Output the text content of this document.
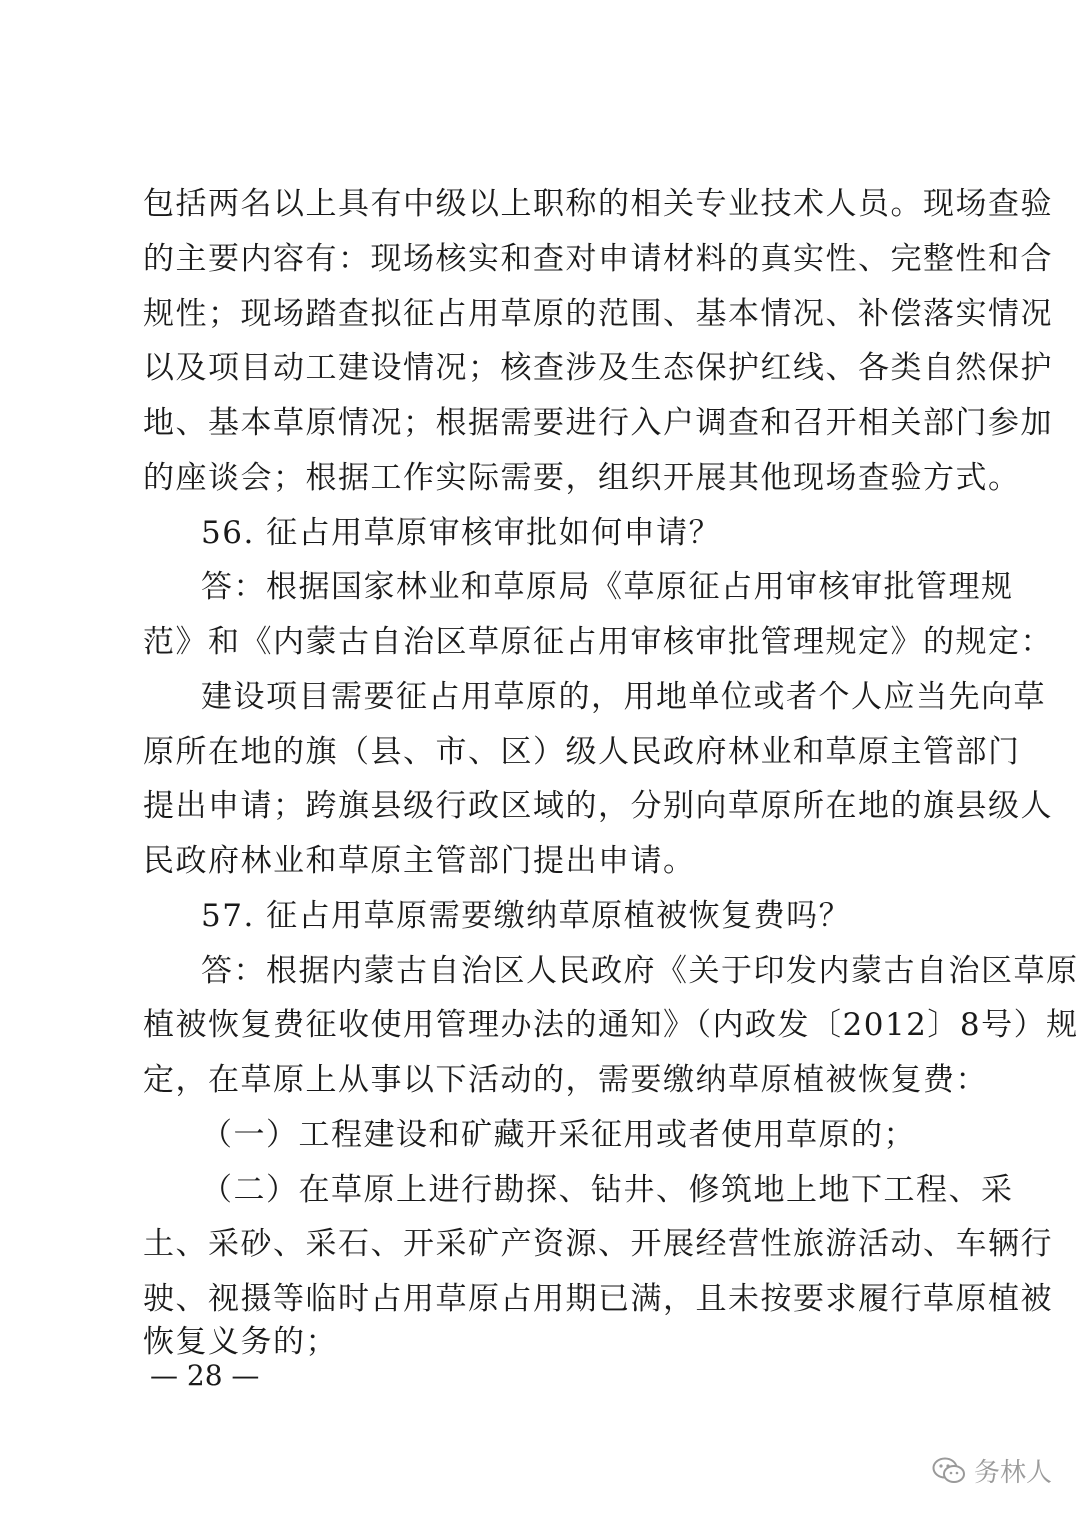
包括两名以上具有中级以上职称的相关专业技术人员。现场查验
的主要内容有：现场核实和查对申请材料的真实性、完整性和合
规性；现场踏查拟征占用草原的范围、基本情况、补偿落实情况
以及项目动工建设情况；核查涉及生态保护红线、各类自然保护
地、基本草原情况；根据需要进行入户调查和召开相关部门参加
的座谈会；根据工作实际需要，组织开展其他现场查验方式。
56. 征占用草原审核审批如何申请？
答：根据国家林业和草原局《草原征占用审核审批管理规
范》和《内蒙古自治区草原征占用审核审批管理规定》的规定：
建设项目需要征占用草原的，用地单位或者个人应当先向草
原所在地的旗（县、市、区）级人民政府林业和草原主管部门
提出申请；跨旗县级行政区域的，分别向草原所在地的旗县级人
民政府林业和草原主管部门提出申请。
57. 征占用草原需要缴纳草原植被恢复费吗？
答：根据内蒙古自治区人民政府《关于印发内蒙古自治区草原
植被恢复费征收使用管理办法的通知》（内政发〔2012〕8号）规
定，在草原上从事以下活动的，需要缴纳草原植被恢复费：
（一）工程建设和矿藏开采征用或者使用草原的；
（二）在草原上进行勘探、钻井、修筑地上地下工程、采
土、采砂、采石、开采矿产资源、开展经营性旅游活动、车辆行
驶、视摄等临时占用草原占用期已满，且未按要求履行草原植被
恢复义务的；
— 28 —
务林人
